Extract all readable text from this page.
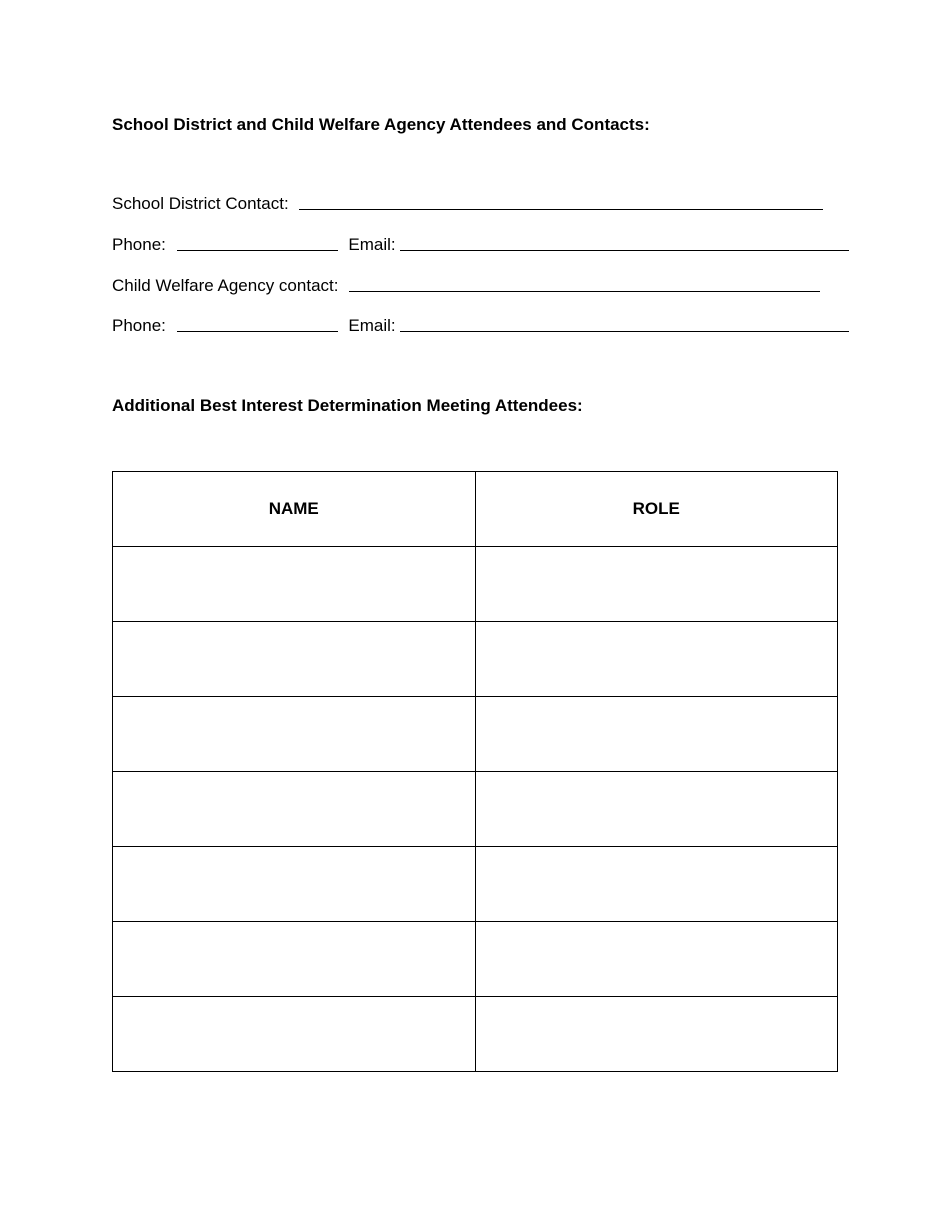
School District and Child Welfare Agency Attendees and Contacts:
School District Contact:
Phone:	Email:
Child Welfare Agency contact:
Phone:	Email:
Additional Best Interest Determination Meeting Attendees:
NAME	ROLE
